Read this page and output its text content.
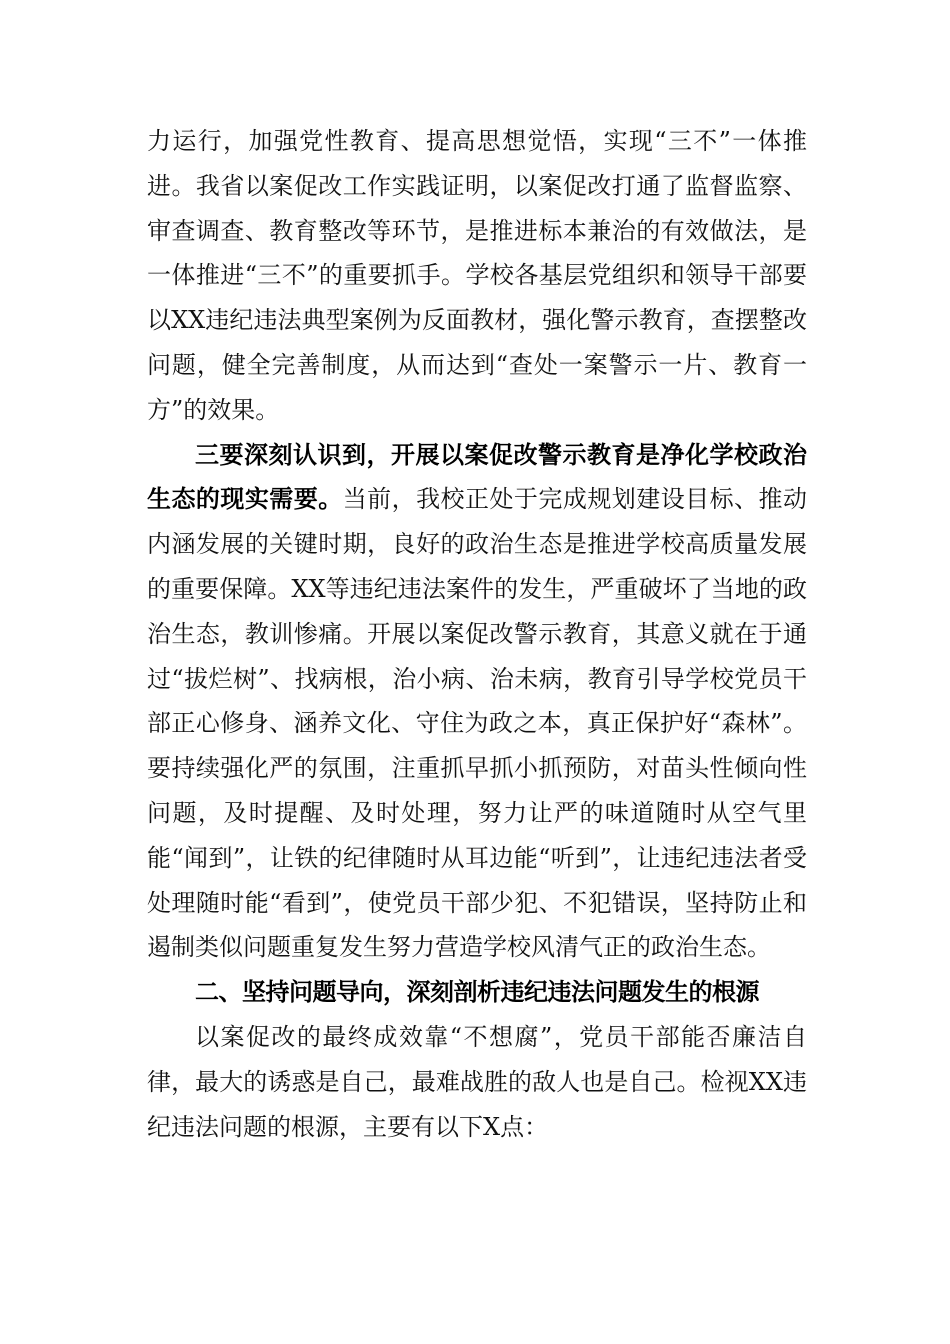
力运行，加强党性教育、提高思想觉悟，实现“三不”一体推进。我省以案促改工作实践证明，以案促改打通了监督监察、审查调查、教育整改等环节，是推进标本兼治的有效做法，是一体推进“三不”的重要抓手。学校各基层党组织和领导干部要以XX违纪违法典型案例为反面教材，强化警示教育，查摆整改问题，健全完善制度，从而达到“查处一案警示一片、教育一方”的效果。

三要深刻认识到，开展以案促改警示教育是净化学校政治生态的现实需要。当前，我校正处于完成规划建设目标、推动内涵发展的关键时期，良好的政治生态是推进学校高质量发展的重要保障。XX等违纪违法案件的发生，严重破坏了当地的政治生态，教训惨痛。开展以案促改警示教育，其意义就在于通过“拔烂树”、找病根，治小病、治未病，教育引导学校党员干部正心修身、涵养文化、守住为政之本，真正保护好“森林”。要持续强化严的氛围，注重抓早抓小抓预防，对苗头性倾向性问题，及时提醒、及时处理，努力让严的味道随时从空气里能“闻到”，让铁的纪律随时从耳边能“听到”，让违纪违法者受处理随时能“看到”，使党员干部少犯、不犯错误，坚持防止和遏制类似问题重复发生努力营造学校风清气正的政治生态。

二、坚持问题导向，深刻剖析违纪违法问题发生的根源

以案促改的最终成效靠“不想腐”，党员干部能否廉洁自律，最大的诱惑是自己，最难战胜的敌人也是自己。检视XX违纪违法问题的根源，主要有以下X点：
